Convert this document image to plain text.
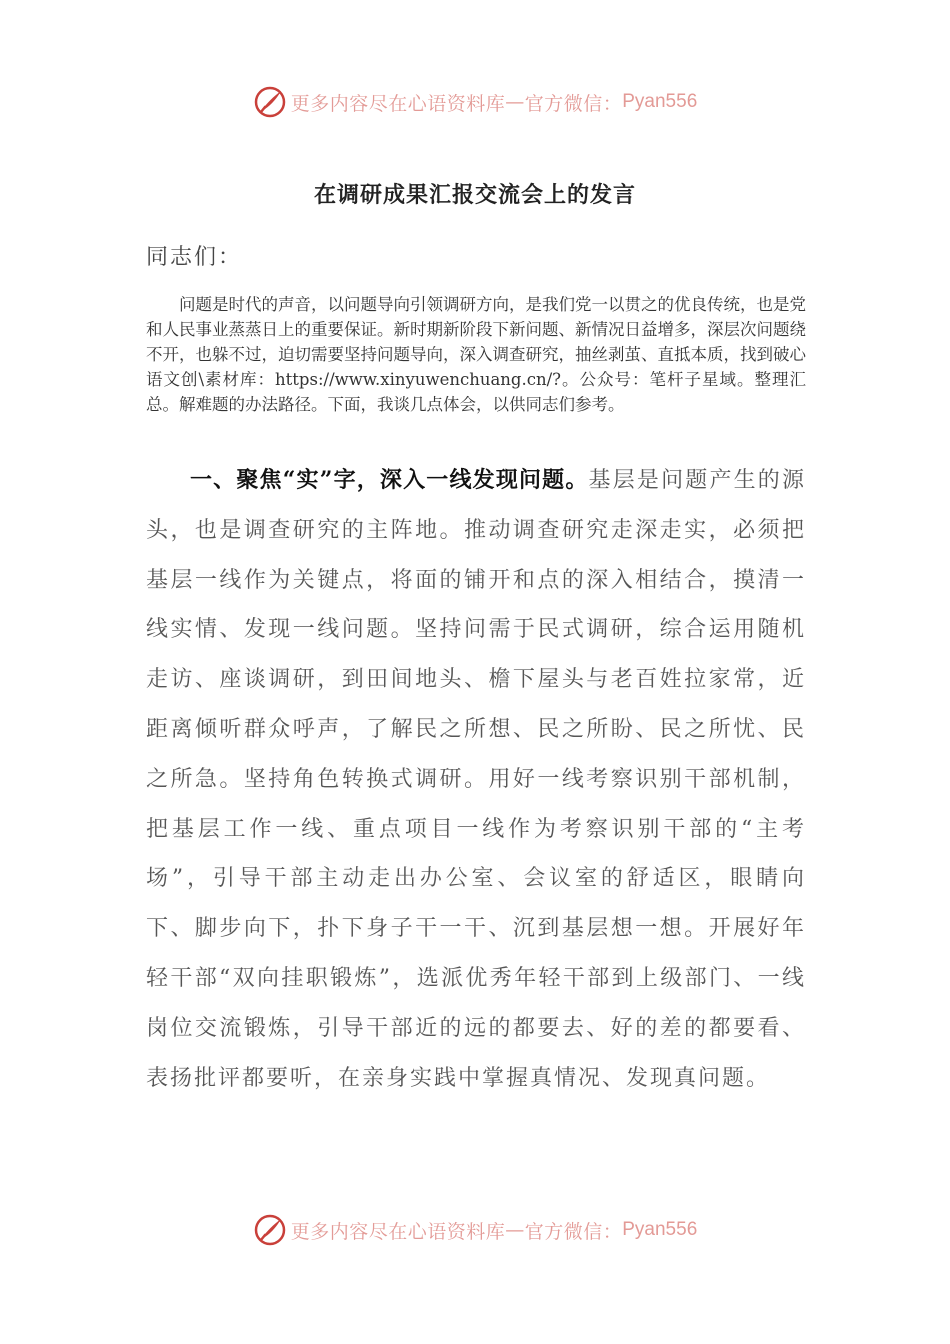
更多内容尽在心语资料库 — 官方微信： Pyan556
在调研成果汇报交流会上的发言
同志们：

问题是时代的声音，以问题导向引领调研方向，是我们党一以贯之的优良传统，也是党和人民事业蒸蒸日上的重要保证。新时期新阶段下新问题、新情况日益增多，深层次问题绕不开，也躲不过，迫切需要坚持问题导向，深入调查研究，抽丝剥茧、直抵本质，找到破心语文创\素材库：https://www.xinyuwenchuang.cn/?。公众号：笔杆子星域。整理汇总。解难题的办法路径。下面，我谈几点体会，以供同志们参考。

一、聚焦“实”字，深入一线发现问题。基层是问题产生的源头，也是调查研究的主阵地。推动调查研究走深走实，必须把基层一线作为关键点，将面的铺开和点的深入相结合，摸清一线实情、发现一线问题。坚持问需于民式调研，综合运用随机走访、座谈调研，到田间地头、檐下屋头与老百姓拉家常，近距离倾听群众呼声，了解民之所想、民之所盼、民之所忧、民之所急。坚持角色转换式调研。用好一线考察识别干部机制，把基层工作一线、重点项目一线作为考察识别干部的“主考场”，引导干部主动走出办公室、会议室的舒适区，眼睛向下、脚步向下，扑下身子干一干、沉到基层想一想。开展好年轻干部“双向挂职锻炼”，选派优秀年轻干部到上级部门、一线岗位交流锻炼，引导干部近的远的都要去、好的差的都要看、表扬批评都要听，在亲身实践中掌握真情况、发现真问题。

更多内容尽在心语资料库 — 官方微信： Pyan556
